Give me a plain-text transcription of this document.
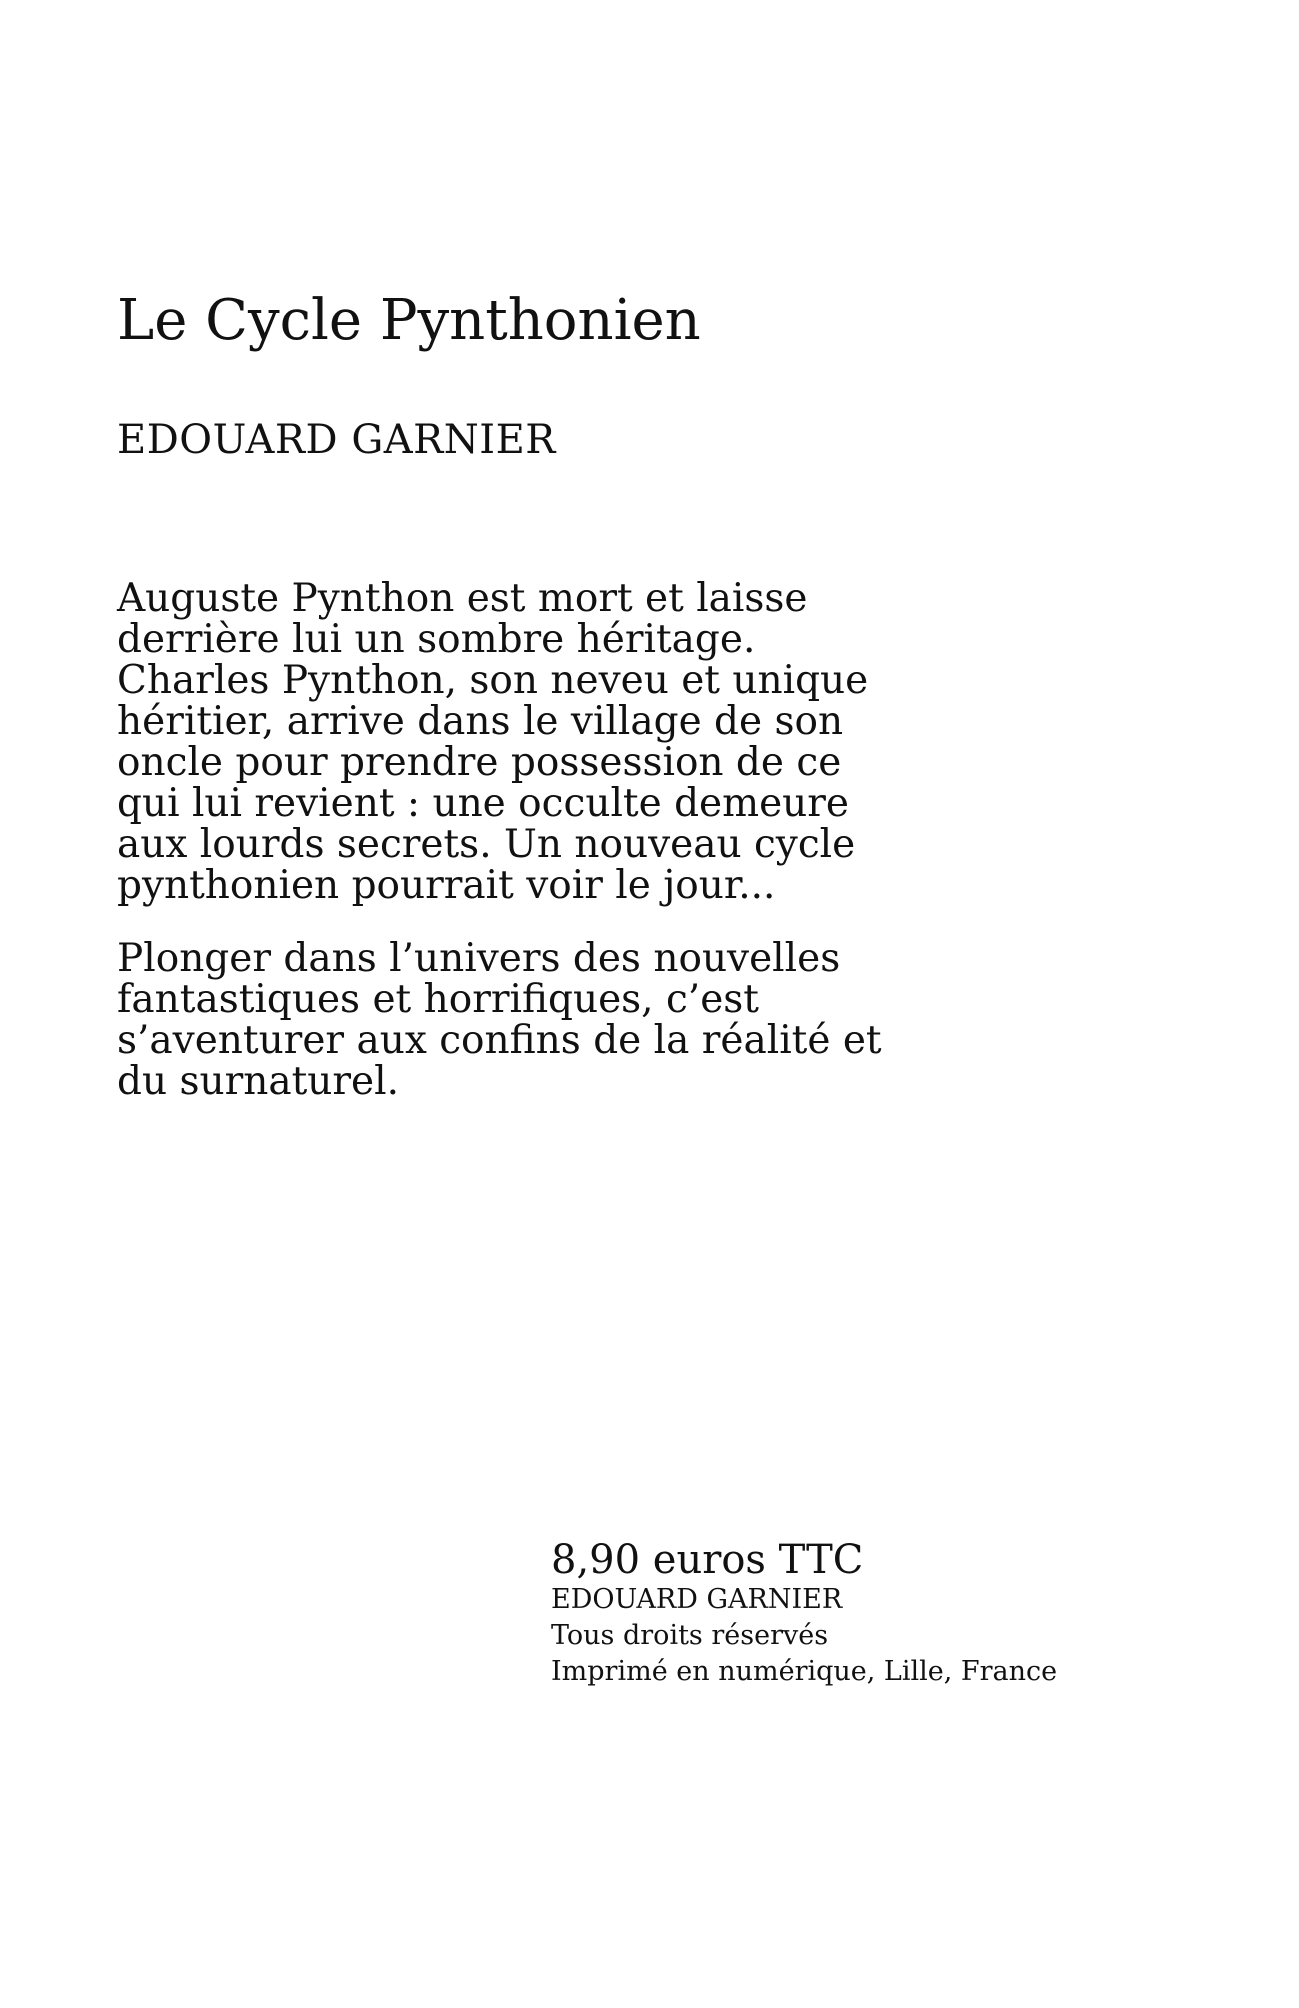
Le Cycle Pynthonien
EDOUARD GARNIER

Auguste Pynthon est mort et laisse
derrière lui un sombre héritage.
Charles Pynthon, son neveu et unique
héritier, arrive dans le village de son
oncle pour prendre possession de ce
qui lui revient : une occulte demeure
aux lourds secrets. Un nouveau cycle
pynthonien pourrait voir le jour...

Plonger dans l’univers des nouvelles
fantastiques et horrifiques, c’est
s’aventurer aux confins de la réalité et
du surnaturel.

8,90 euros TTC
EDOUARD GARNIER
Tous droits réservés
Imprimé en numérique, Lille, France
